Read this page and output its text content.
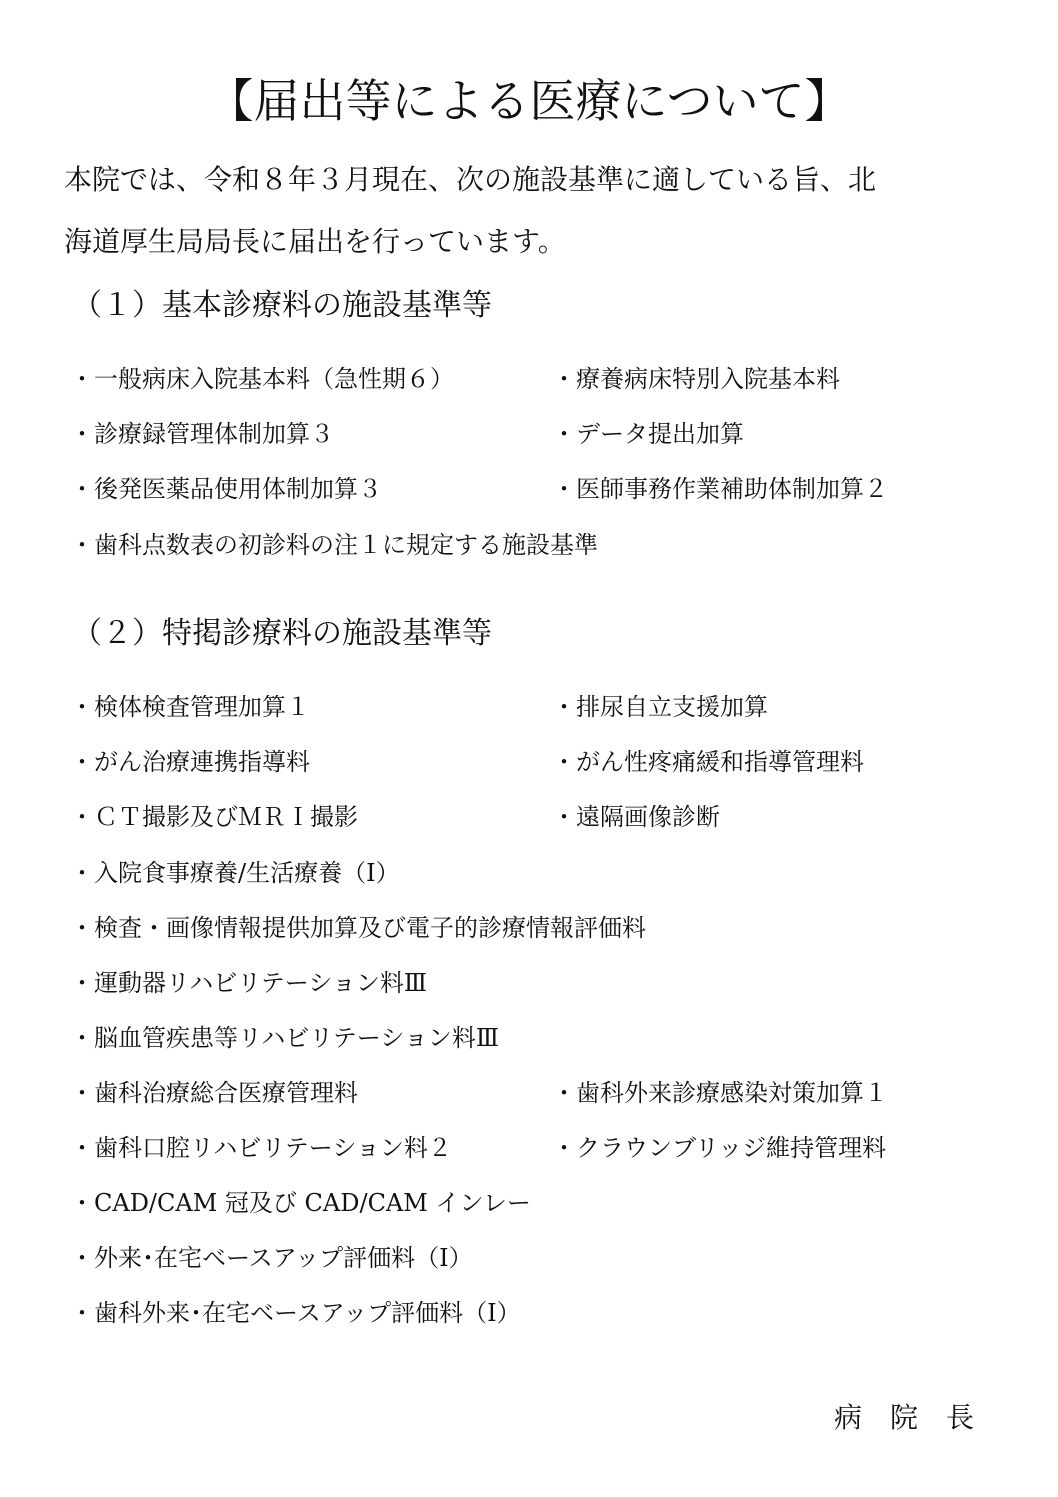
【届出等による医療について】
本院では、令和８年３月現在、次の施設基準に適している旨、北
海道厚生局局長に届出を行っています。
（１）基本診療料の施設基準等
・一般病床入院基本料（急性期６）	・療養病床特別入院基本料
・診療録管理体制加算３	・データ提出加算
・後発医薬品使用体制加算３	・医師事務作業補助体制加算２
・歯科点数表の初診料の注１に規定する施設基準
（２）特掲診療料の施設基準等
・検体検査管理加算１	・排尿自立支援加算
・がん治療連携指導料	・がん性疼痛緩和指導管理料
・ＣＴ撮影及びＭＲＩ撮影	・遠隔画像診断
・入院食事療養/生活療養（Ⅰ）
・検査・画像情報提供加算及び電子的診療情報評価料
・運動器リハビリテーション料Ⅲ
・脳血管疾患等リハビリテーション料Ⅲ
・歯科治療総合医療管理料	・歯科外来診療感染対策加算１
・歯科口腔リハビリテーション料２	・クラウンブリッジ維持管理料
・CAD/CAM 冠及び CAD/CAM インレー
・外来･在宅ベースアップ評価料（Ⅰ）
・歯科外来･在宅ベースアップ評価料（Ⅰ）
病　院　長
